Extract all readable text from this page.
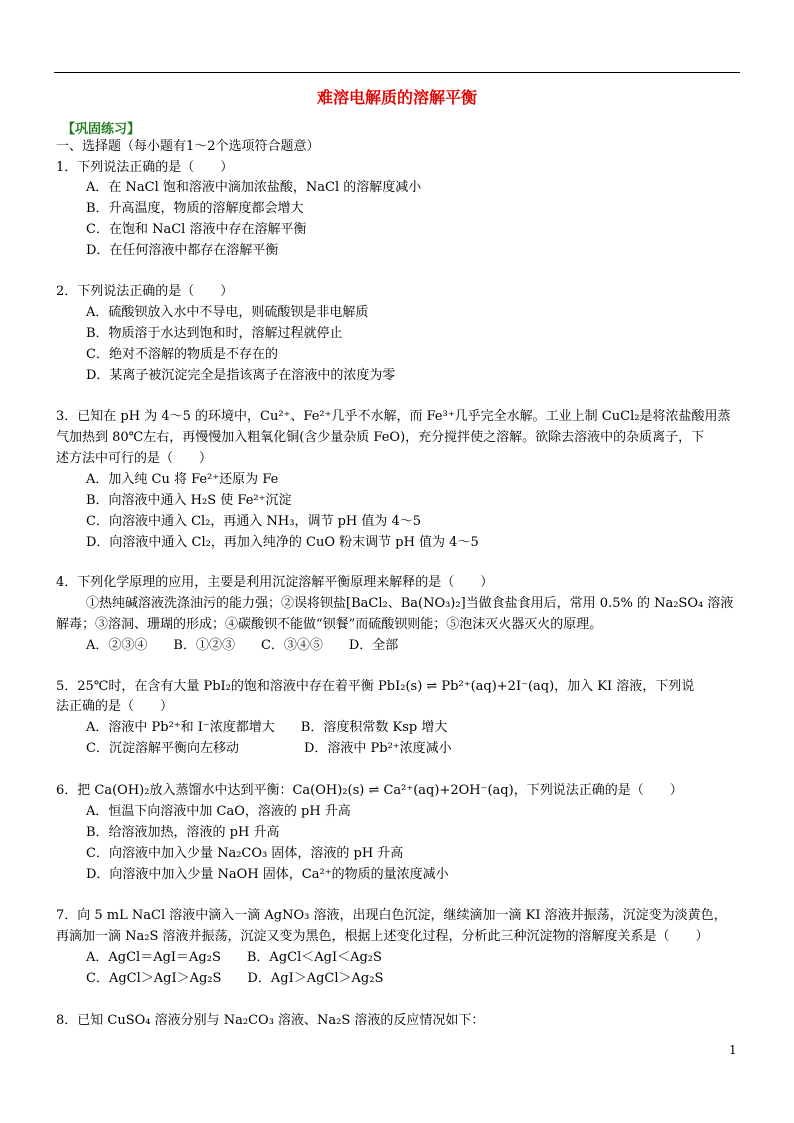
难溶电解质的溶解平衡
【巩固练习】
一、选择题（每小题有1～2个选项符合题意）
1．下列说法正确的是（　　）
A．在 NaCl 饱和溶液中滴加浓盐酸，NaCl 的溶解度减小
B．升高温度，物质的溶解度都会增大
C．在饱和 NaCl 溶液中存在溶解平衡
D．在任何溶液中都存在溶解平衡
2．下列说法正确的是（　　）
A．硫酸钡放入水中不导电，则硫酸钡是非电解质
B．物质溶于水达到饱和时，溶解过程就停止
C．绝对不溶解的物质是不存在的
D．某离子被沉淀完全是指该离子在溶液中的浓度为零
3．已知在 pH 为 4～5 的环境中，Cu²⁺、Fe²⁺几乎不水解，而 Fe³⁺几乎完全水解。工业上制 CuCl₂是将浓盐酸用蒸
气加热到 80℃左右，再慢慢加入粗氧化铜(含少量杂质 FeO)，充分搅拌使之溶解。欲除去溶液中的杂质离子，下
述方法中可行的是（　　）
A．加入纯 Cu 将 Fe²⁺还原为 Fe
B．向溶液中通入 H₂S 使 Fe²⁺沉淀
C．向溶液中通入 Cl₂，再通入 NH₃，调节 pH 值为 4～5
D．向溶液中通入 Cl₂，再加入纯净的 CuO 粉末调节 pH 值为 4～5
4．下列化学原理的应用，主要是利用沉淀溶解平衡原理来解释的是（　　）
①热纯碱溶液洗涤油污的能力强；②误将钡盐[BaCl₂、Ba(NO₃)₂]当做食盐食用后，常用 0.5% 的 Na₂SO₄ 溶液
解毒；③溶洞、珊瑚的形成；④碳酸钡不能做“钡餐”而硫酸钡则能；⑤泡沫灭火器灭火的原理。
A．②③④　　B．①②③　　C．③④⑤　　D．全部
5．25℃时，在含有大量 PbI₂的饱和溶液中存在着平衡 PbI₂(s) ⇌ Pb²⁺(aq)+2I⁻(aq)，加入 KI 溶液，下列说
法正确的是（　　）
A．溶液中 Pb²⁺和 I⁻浓度都增大　　B．溶度积常数 Ksp 增大
C．沉淀溶解平衡向左移动　　　　　D．溶液中 Pb²⁺浓度减小
6．把 Ca(OH)₂放入蒸馏水中达到平衡：Ca(OH)₂(s) ⇌ Ca²⁺(aq)+2OH⁻(aq)，下列说法正确的是（　　）
A．恒温下向溶液中加 CaO，溶液的 pH 升高
B．给溶液加热，溶液的 pH 升高
C．向溶液中加入少量 Na₂CO₃ 固体，溶液的 pH 升高
D．向溶液中加入少量 NaOH 固体，Ca²⁺的物质的量浓度减小
7．向 5 mL NaCl 溶液中滴入一滴 AgNO₃ 溶液，出现白色沉淀，继续滴加一滴 KI 溶液并振荡，沉淀变为淡黄色，
再滴加一滴 Na₂S 溶液并振荡，沉淀又变为黑色，根据上述变化过程，分析此三种沉淀物的溶解度关系是（　　）
A．AgCl＝AgI＝Ag₂S　　B．AgCl＜AgI＜Ag₂S
C．AgCl＞AgI＞Ag₂S　　D．AgI＞AgCl＞Ag₂S
8．已知 CuSO₄ 溶液分别与 Na₂CO₃ 溶液、Na₂S 溶液的反应情况如下：
1
